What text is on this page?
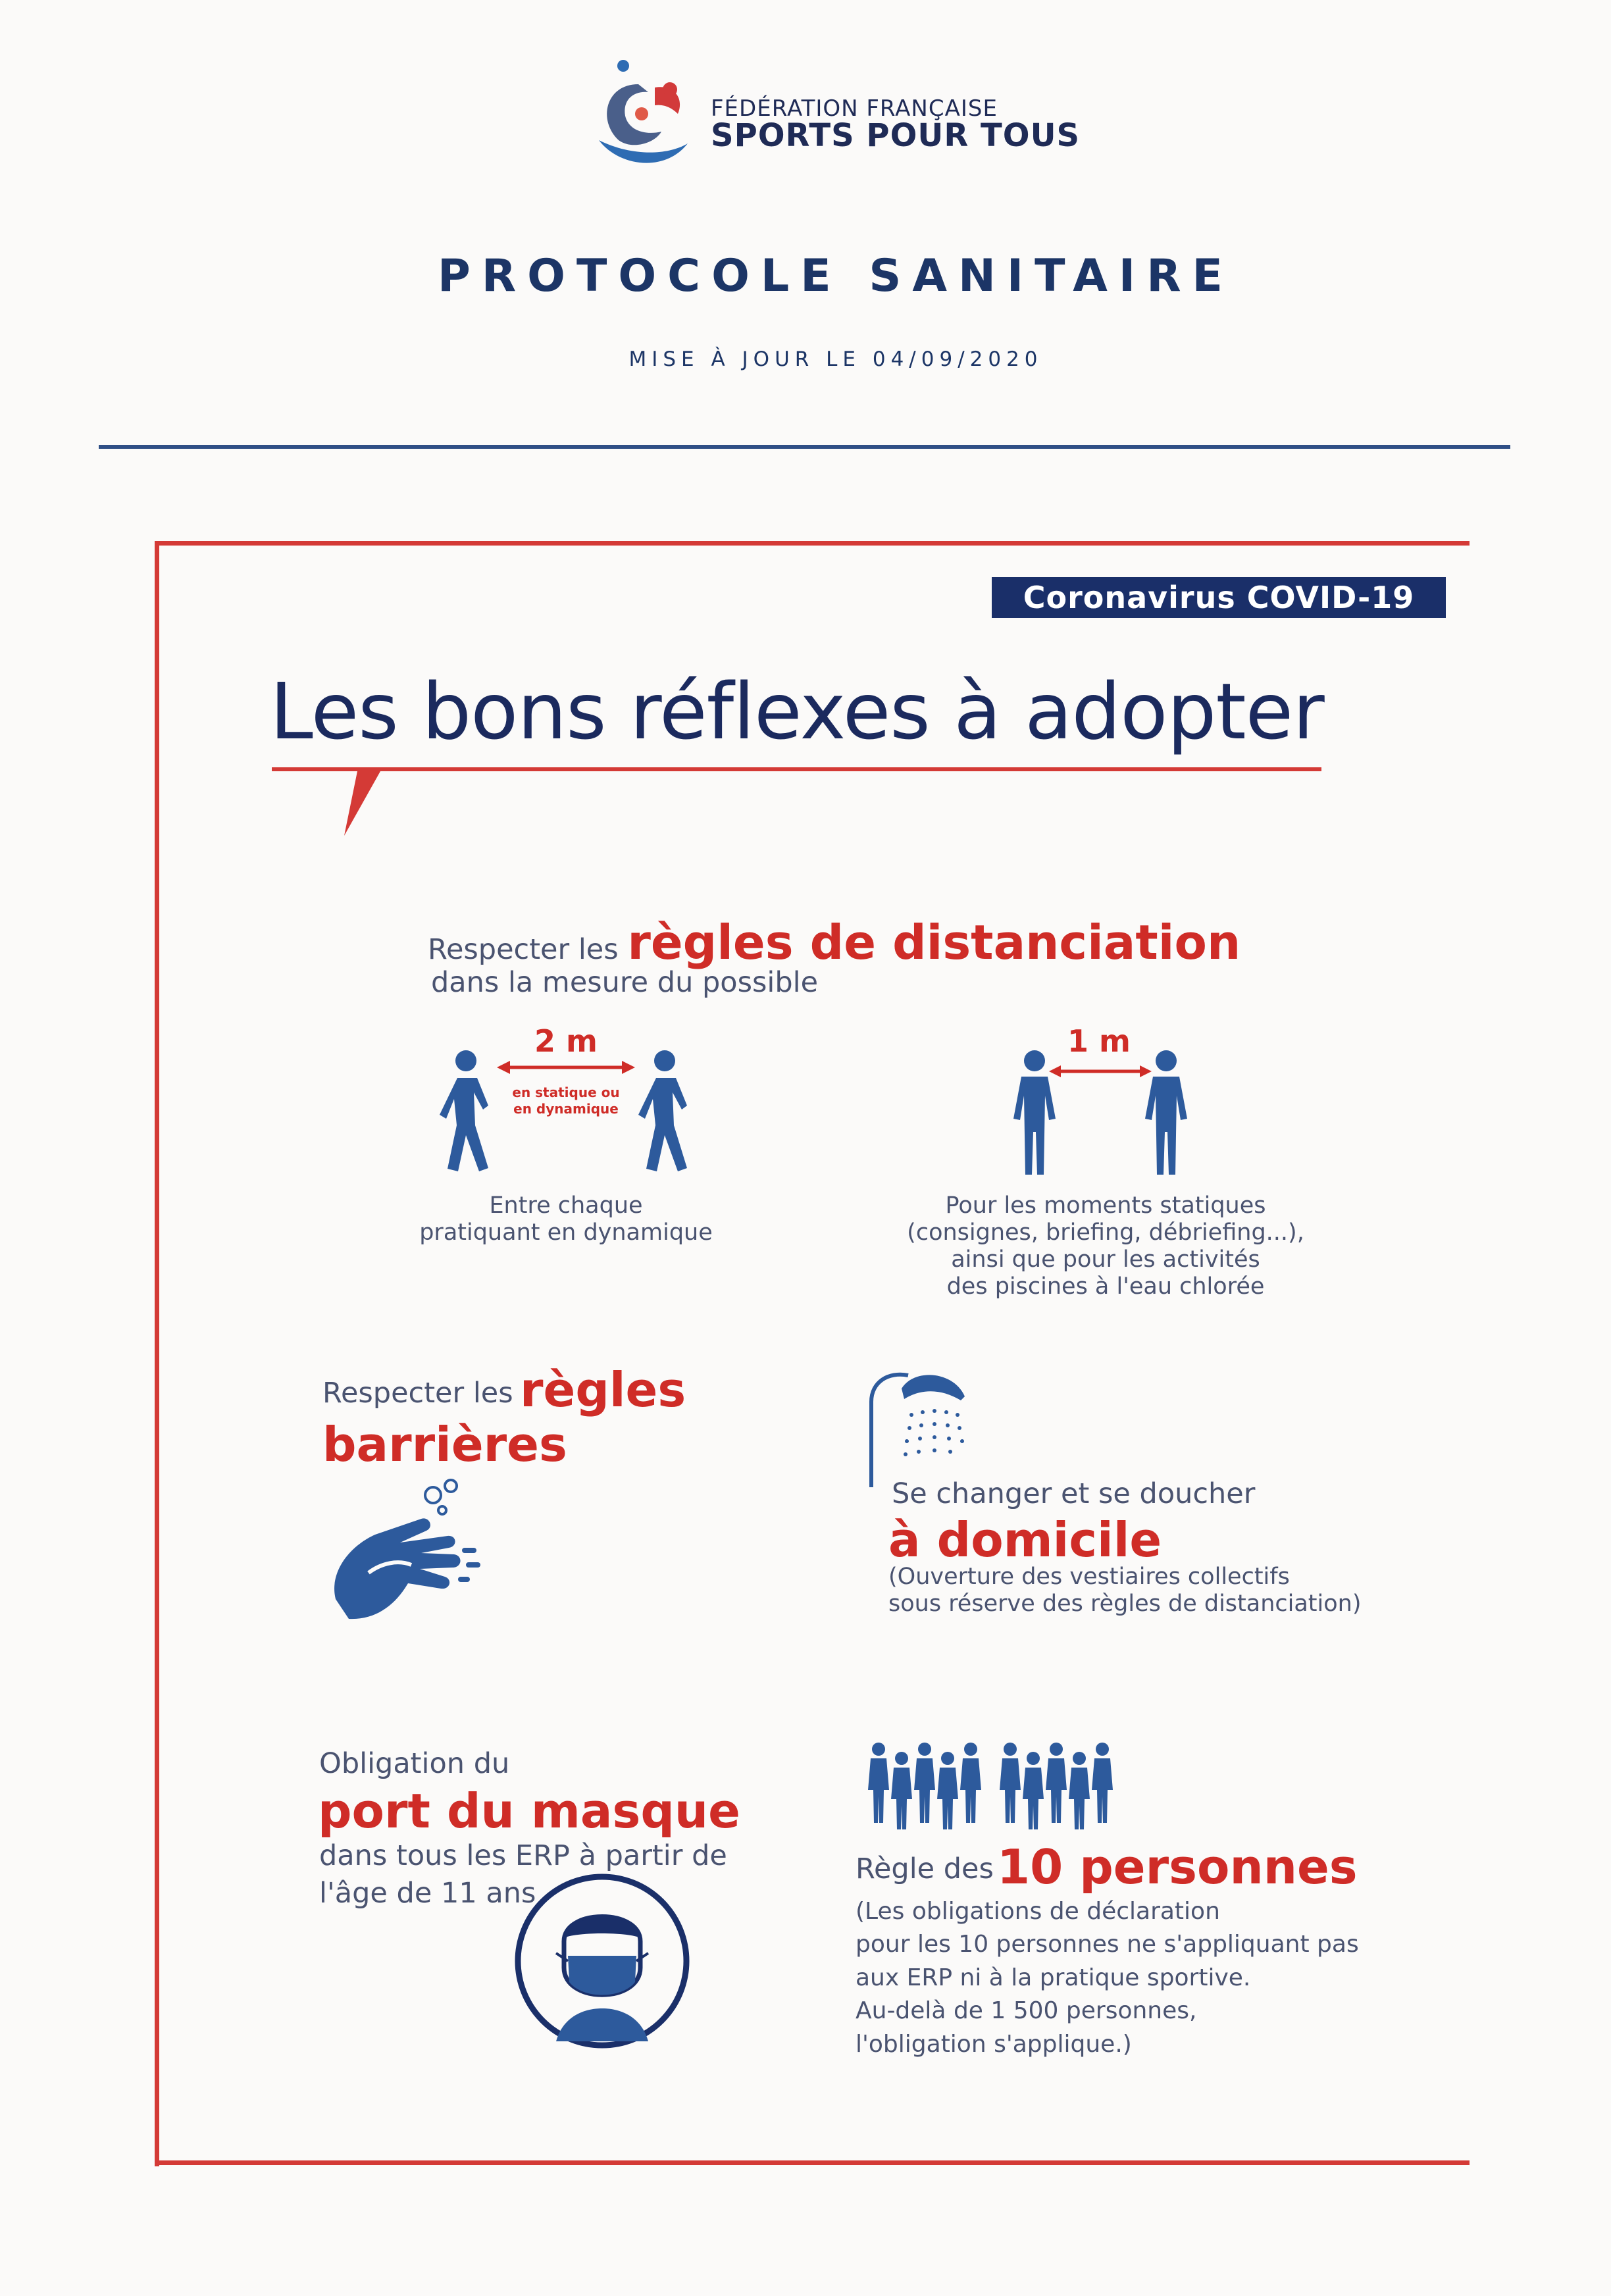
FÉDÉRATION FRANÇAISE
SPORTS POUR TOUS
PROTOCOLE SANITAIRE
MISE À JOUR LE 04/09/2020
Coronavirus COVID-19
Les bons réflexes à adopter
Respecter les règles de distanciation
dans la mesure du possible
2 m
en statique ou
en dynamique
Entre chaque
pratiquant en dynamique
1 m
Pour les moments statiques
(consignes, briefing, débriefing...),
ainsi que pour les activités
des piscines à l'eau chlorée
Respecter les règles
barrières
Se changer et se doucher
à domicile
(Ouverture des vestiaires collectifs
sous réserve des règles de distanciation)
Obligation du
port du masque
dans tous les ERP à partir de
l'âge de 11 ans
Règle des 10 personnes
(Les obligations de déclaration
pour les 10 personnes ne s'appliquant pas
aux ERP ni à la pratique sportive.
Au-delà de 1 500 personnes,
l'obligation s'applique.)
